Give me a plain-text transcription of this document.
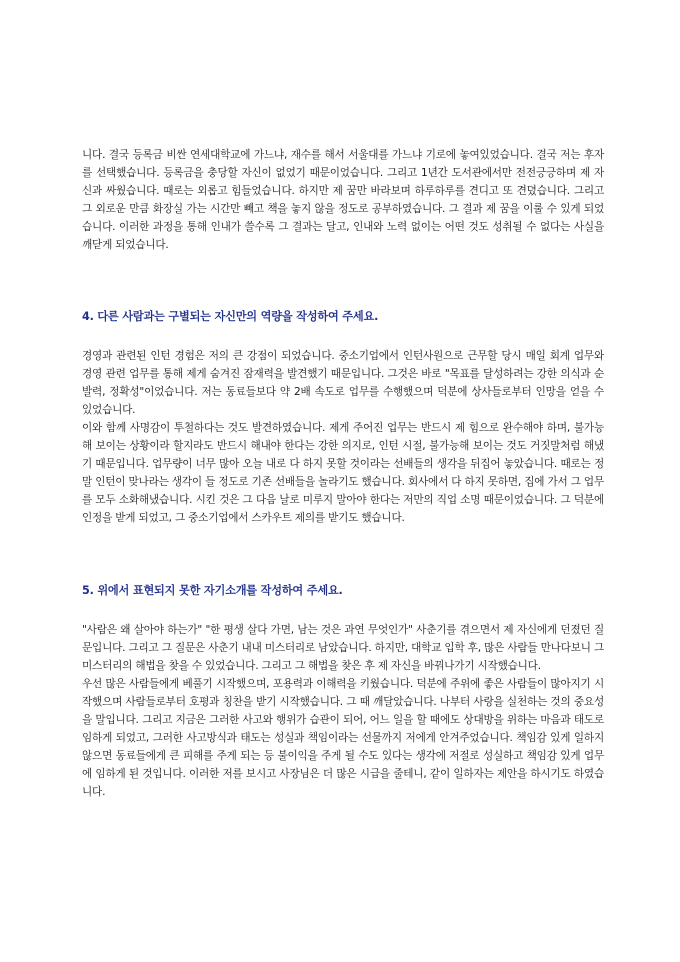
니다. 결국 등록금 비싼 연세대학교에 가느냐, 재수를 해서 서울대를 가느냐 기로에 놓여있었습니다. 결국 저는 후자를 선택했습니다. 등록금을 충당할 자신이 없었기 때문이었습니다. 그리고 1년간 도서관에서만 전전긍긍하며 제 자신과 싸웠습니다. 때로는 외롭고 힘들었습니다. 하지만 제 꿈만 바라보며 하루하루를 견디고 또 견뎠습니다. 그리고 그 외로운 만큼 화장실 가는 시간만 빼고 책을 놓지 않을 정도로 공부하였습니다. 그 결과 제 꿈을 이룰 수 있게 되었습니다. 이러한 과정을 통해 인내가 쓸수록 그 결과는 달고, 인내와 노력 없이는 어떤 것도 성취될 수 없다는 사실을 깨닫게 되었습니다.
4. 다른 사람과는 구별되는 자신만의 역량을 작성하여 주세요.
경영과 관련된 인턴 경험은 저의 큰 강점이 되었습니다. 중소기업에서 인턴사원으로 근무할 당시 매일 회계 업무와 경영 관련 업무를 통해 제게 숨겨진 잠재력을 발견했기 때문입니다. 그것은 바로 "목표를 달성하려는 강한 의식과 순발력, 정확성"이었습니다. 저는 동료들보다 약 2배 속도로 업무를 수행했으며 덕분에 상사들로부터 인망을 얻을 수 있었습니다.
이와 함께 사명감이 투철하다는 것도 발견하였습니다. 제게 주어진 업무는 반드시 제 힘으로 완수해야 하며, 불가능해 보이는 상황이라 할지라도 반드시 해내야 한다는 강한 의지로, 인턴 시절, 불가능해 보이는 것도 거짓말처럼 해냈기 때문입니다. 업무량이 너무 많아 오늘 내로 다 하지 못할 것이라는 선배들의 생각을 뒤집어 놓았습니다. 때로는 정말 인턴이 맞나라는 생각이 들 정도로 기존 선배들을 놀라기도 했습니다. 회사에서 다 하지 못하면, 집에 가서 그 업무를 모두 소화해냈습니다. 시킨 것은 그 다음 날로 미루지 말아야 한다는 저만의 직업 소명 때문이었습니다. 그 덕분에 인정을 받게 되었고, 그 중소기업에서 스카우트 제의를 받기도 했습니다.
5. 위에서 표현되지 못한 자기소개를 작성하여 주세요.
"사람은 왜 살아야 하는가" "한 평생 살다 가면, 남는 것은 과연 무엇인가" 사춘기를 겪으면서 제 자신에게 던졌던 질문입니다. 그리고 그 질문은 사춘기 내내 미스터리로 남았습니다. 하지만, 대학교 입학 후, 많은 사람들 만나다보니 그 미스터리의 해법을 찾을 수 있었습니다. 그리고 그 해법을 찾은 후 제 자신을 바꿔나가기 시작했습니다.
우선 많은 사람들에게 베풀기 시작했으며, 포용력과 이해력을 키웠습니다. 덕분에 주위에 좋은 사람들이 많아지기 시작했으며 사람들로부터 호평과 칭찬을 받기 시작했습니다. 그 때 깨달았습니다. 나부터 사랑을 실천하는 것의 중요성을 말입니다. 그리고 지금은 그러한 사고와 행위가 습관이 되어, 어느 일을 할 때에도 상대방을 위하는 마음과 태도로 임하게 되었고, 그러한 사고방식과 태도는 성실과 책임이라는 선물까지 저에게 안겨주었습니다. 책임감 있게 일하지 않으면 동료들에게 큰 피해를 주게 되는 등 불이익을 주게 될 수도 있다는 생각에 저절로 성실하고 책임감 있게 업무에 임하게 된 것입니다. 이러한 저를 보시고 사장님은 더 많은 시급을 줄테니, 같이 일하자는 제안을 하시기도 하였습니다.
